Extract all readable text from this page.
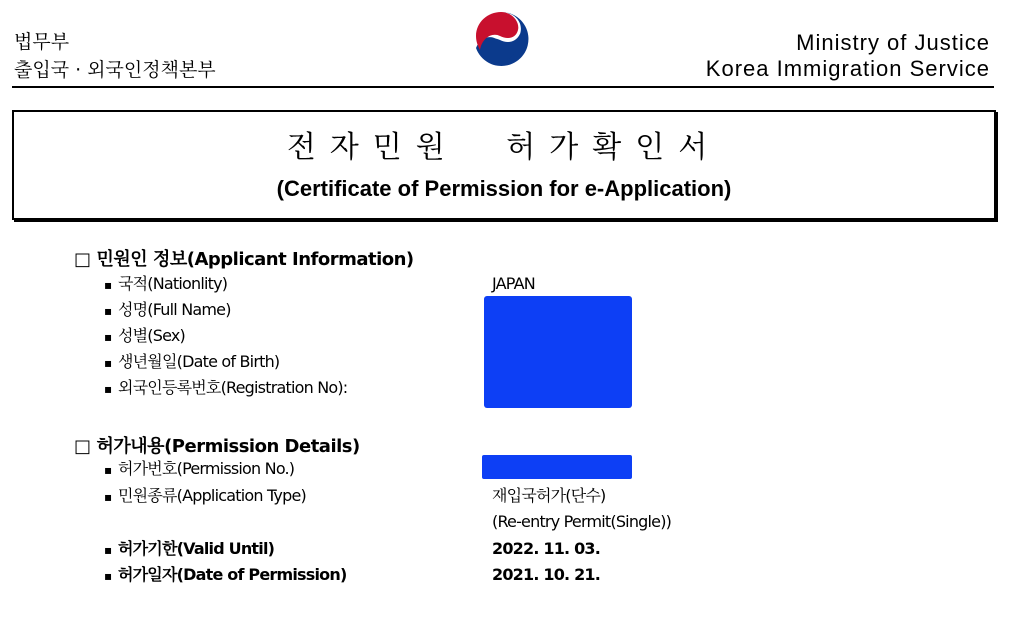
법무부
출입국 · 외국인정책본부
Ministry of Justice
Korea Immigration Service
전자민원 허가확인서
(Certificate of Permission for e-Application)
□ 민원인 정보(Applicant Information)
▪ 국적(Nationlity)	JAPAN
▪ 성명(Full Name)
▪ 성별(Sex)
▪ 생년월일(Date of Birth)
▪ 외국인등록번호(Registration No):
□ 허가내용(Permission Details)
▪ 허가번호(Permission No.)
▪ 민원종류(Application Type)	재입국허가(단수)
(Re-entry Permit(Single))
▪ 허가기한(Valid Until)	2022. 11. 03.
▪ 허가일자(Date of Permission)	2021. 10. 21.
